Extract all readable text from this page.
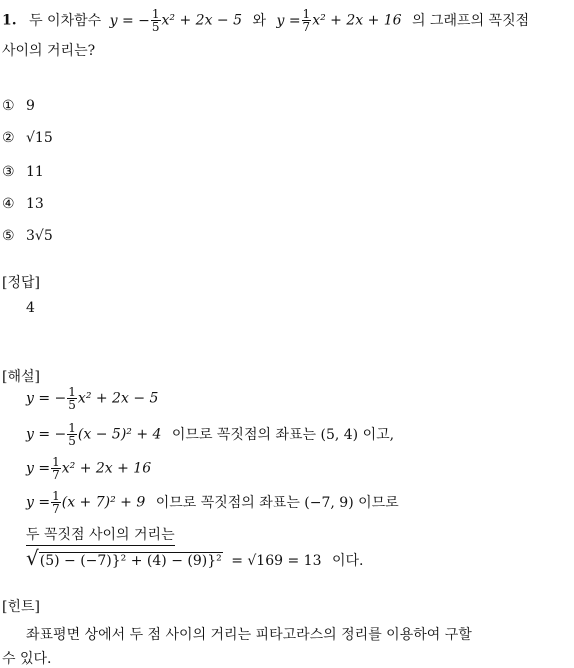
1. 두 이차함수 y = − $\frac{1}{5} x^2 + 2x - 5$ 와 $y = \frac{1}{7} x^2 + 2x + 16$ 의 그래프의 꼭짓점
사이의 거리는?
① 9
② √15
③ 11
④ 13
⑤ 3√5
[정답]
4
[해설]
y = − $\frac{1}{5} x^2 + 2x - 5$
y = − $\frac{1}{5} (x - 5)^2 + 4$ 이므로 꼭짓점의 좌표는 (5, 4) 이고,
$y = \frac{1}{7} x^2 + 2x + 16$
$y = \frac{1}{7} (x + 7)^2 + 9$ 이므로 꼭짓점의 좌표는 (−7, 9) 이므로
두 꼭짓점 사이의 거리는
√(5) − (−7)}² + (4) − (9)}² = √169 = 13 이다.
[힌트]
좌표평면 상에서 두 점 사이의 거리는 피타고라스의 정리를 이용하여 구할
수 있다.
